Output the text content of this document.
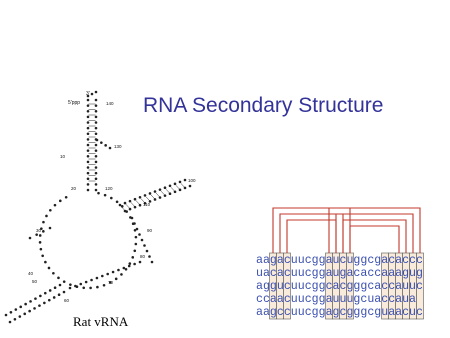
RNA Secondary Structure
3'
5'ppp	140
130
120
110
100
90
80
70
60
50
40
30
20
10
aagacuucggaucuggcgacaccc
uacacuucggaugacaccaaagug
aggucuucggcacgggcaccauuc
ccaacuucggauuugcuaccaua
aagccuucggagcgggcguaacuc
Rat vRNA
